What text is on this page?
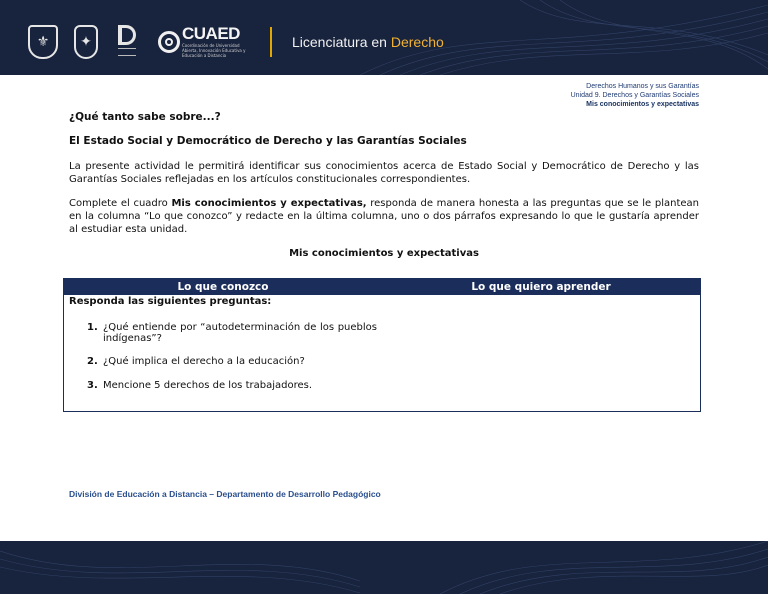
⚜	✦	CUAED
Coordinación de Universidad Abierta, Innovación Educativa y Educación a Distancia
Licenciatura en Derecho
Derechos Humanos y sus Garantías
Unidad 9. Derechos y Garantías Sociales
Mis conocimientos y expectativas
¿Qué tanto sabe sobre...?
El Estado Social y Democrático de Derecho y las Garantías Sociales

La presente actividad le permitirá identificar sus conocimientos acerca de Estado Social y Democrático de Derecho y las Garantías Sociales reflejadas en los artículos constitucionales correspondientes.

Complete el cuadro Mis conocimientos y expectativas, responda de manera honesta a las preguntas que se le plantean en la columna “Lo que conozco” y redacte en la última columna, uno o dos párrafos expresando lo que le gustaría aprender al estudiar esta unidad.

Mis conocimientos y expectativas
Lo que conozco	Lo que quiero aprender
Responda las siguientes preguntas:
1. ¿Qué entiende por “autodeterminación de los pueblos indígenas”?
2. ¿Qué implica el derecho a la educación?
3. Mencione 5 derechos de los trabajadores.
División de Educación a Distancia – Departamento de Desarrollo Pedagógico
